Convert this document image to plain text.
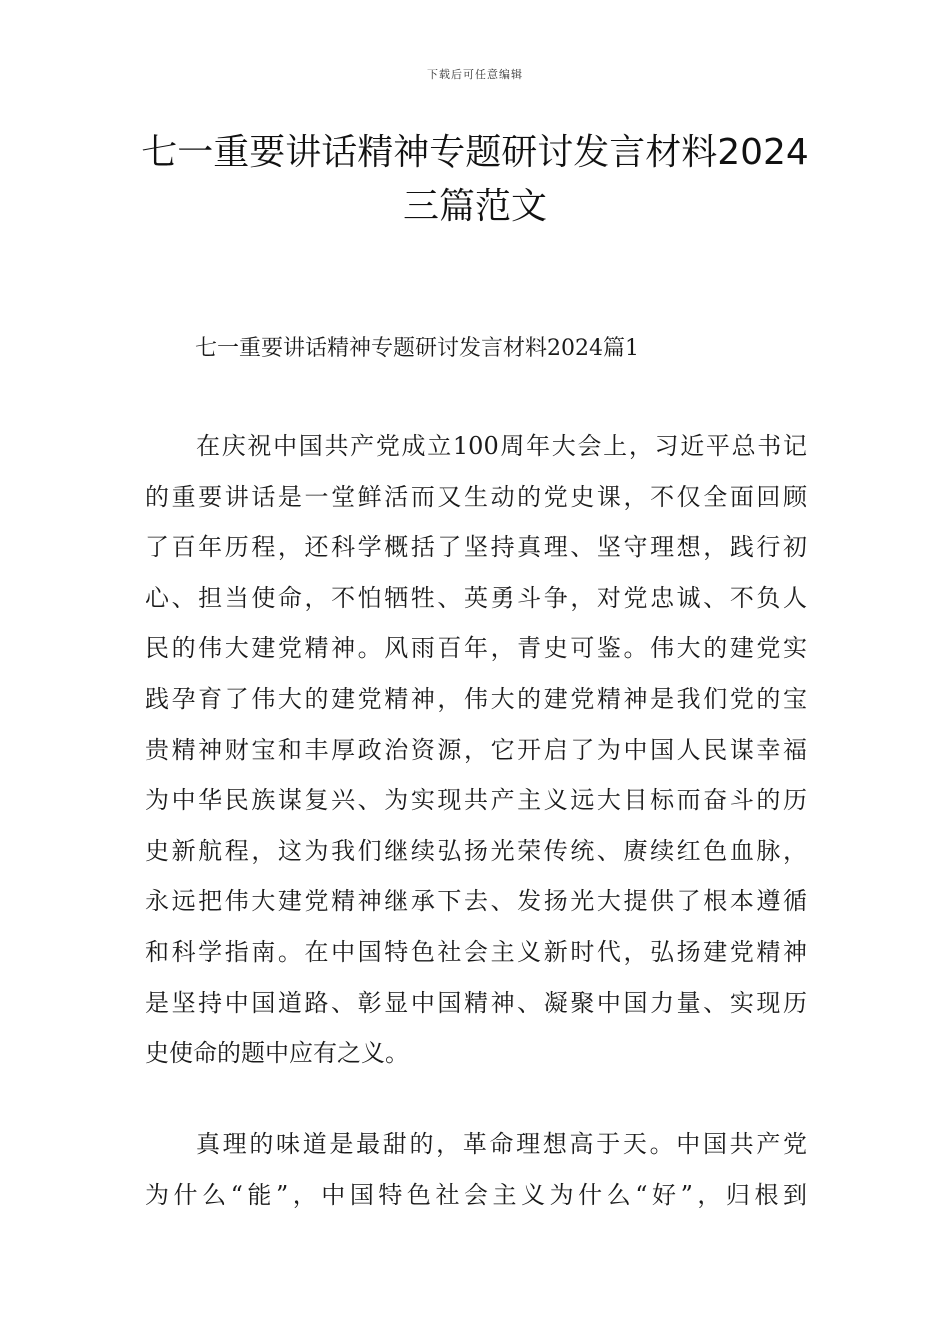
下载后可任意编辑
七一重要讲话精神专题研讨发言材料2024
三篇范文
七一重要讲话精神专题研讨发言材料2024篇1
在庆祝中国共产党成立100周年大会上，习近平总书记
的重要讲话是一堂鲜活而又生动的党史课，不仅全面回顾
了百年历程，还科学概括了坚持真理、坚守理想，践行初
心、担当使命，不怕牺牲、英勇斗争，对党忠诚、不负人
民的伟大建党精神。风雨百年，青史可鉴。伟大的建党实
践孕育了伟大的建党精神，伟大的建党精神是我们党的宝
贵精神财宝和丰厚政治资源，它开启了为中国人民谋幸福
为中华民族谋复兴、为实现共产主义远大目标而奋斗的历
史新航程，这为我们继续弘扬光荣传统、赓续红色血脉，
永远把伟大建党精神继承下去、发扬光大提供了根本遵循
和科学指南。在中国特色社会主义新时代，弘扬建党精神
是坚持中国道路、彰显中国精神、凝聚中国力量、实现历
史使命的题中应有之义。
真理的味道是最甜的，革命理想高于天。中国共产党
为什么“能”，中国特色社会主义为什么“好”，归根到
